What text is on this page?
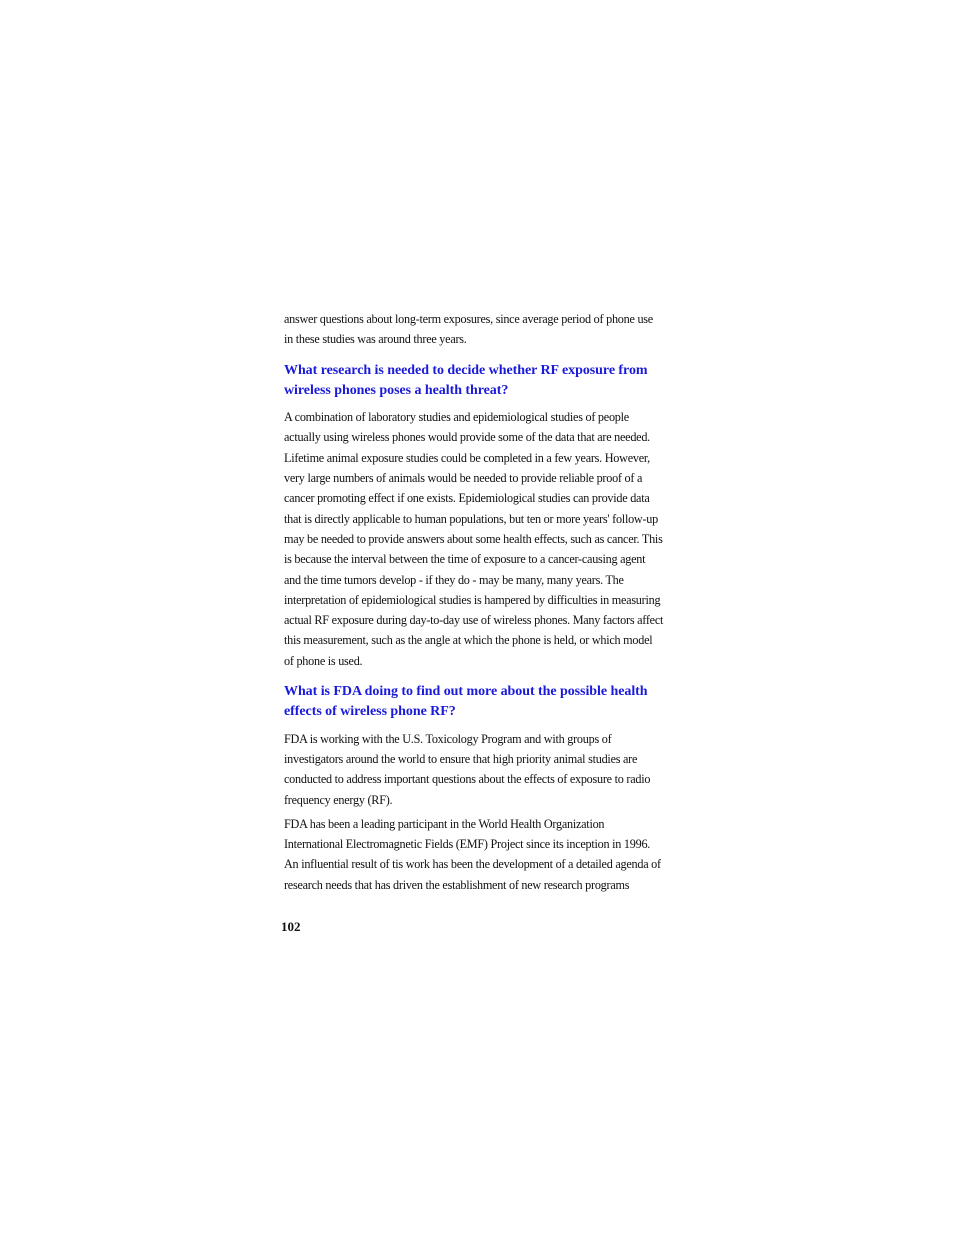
answer questions about long-term exposures, since average period of phone use in these studies was around three years.

What research is needed to decide whether RF exposure from wireless phones poses a health threat?

A combination of laboratory studies and epidemiological studies of people actually using wireless phones would provide some of the data that are needed. Lifetime animal exposure studies could be completed in a few years. However, very large numbers of animals would be needed to provide reliable proof of a cancer promoting effect if one exists. Epidemiological studies can provide data that is directly applicable to human populations, but ten or more years' follow-up may be needed to provide answers about some health effects, such as cancer. This is because the interval between the time of exposure to a cancer-causing agent and the time tumors develop - if they do - may be many, many years. The interpretation of epidemiological studies is hampered by difficulties in measuring actual RF exposure during day-to-day use of wireless phones. Many factors affect this measurement, such as the angle at which the phone is held, or which model of phone is used.

What is FDA doing to find out more about the possible health effects of wireless phone RF?

FDA is working with the U.S. Toxicology Program and with groups of investigators around the world to ensure that high priority animal studies are conducted to address important questions about the effects of exposure to radio frequency energy (RF).

FDA has been a leading participant in the World Health Organization International Electromagnetic Fields (EMF) Project since its inception in 1996. An influential result of tis work has been the development of a detailed agenda of research needs that has driven the establishment of new research programs

102
